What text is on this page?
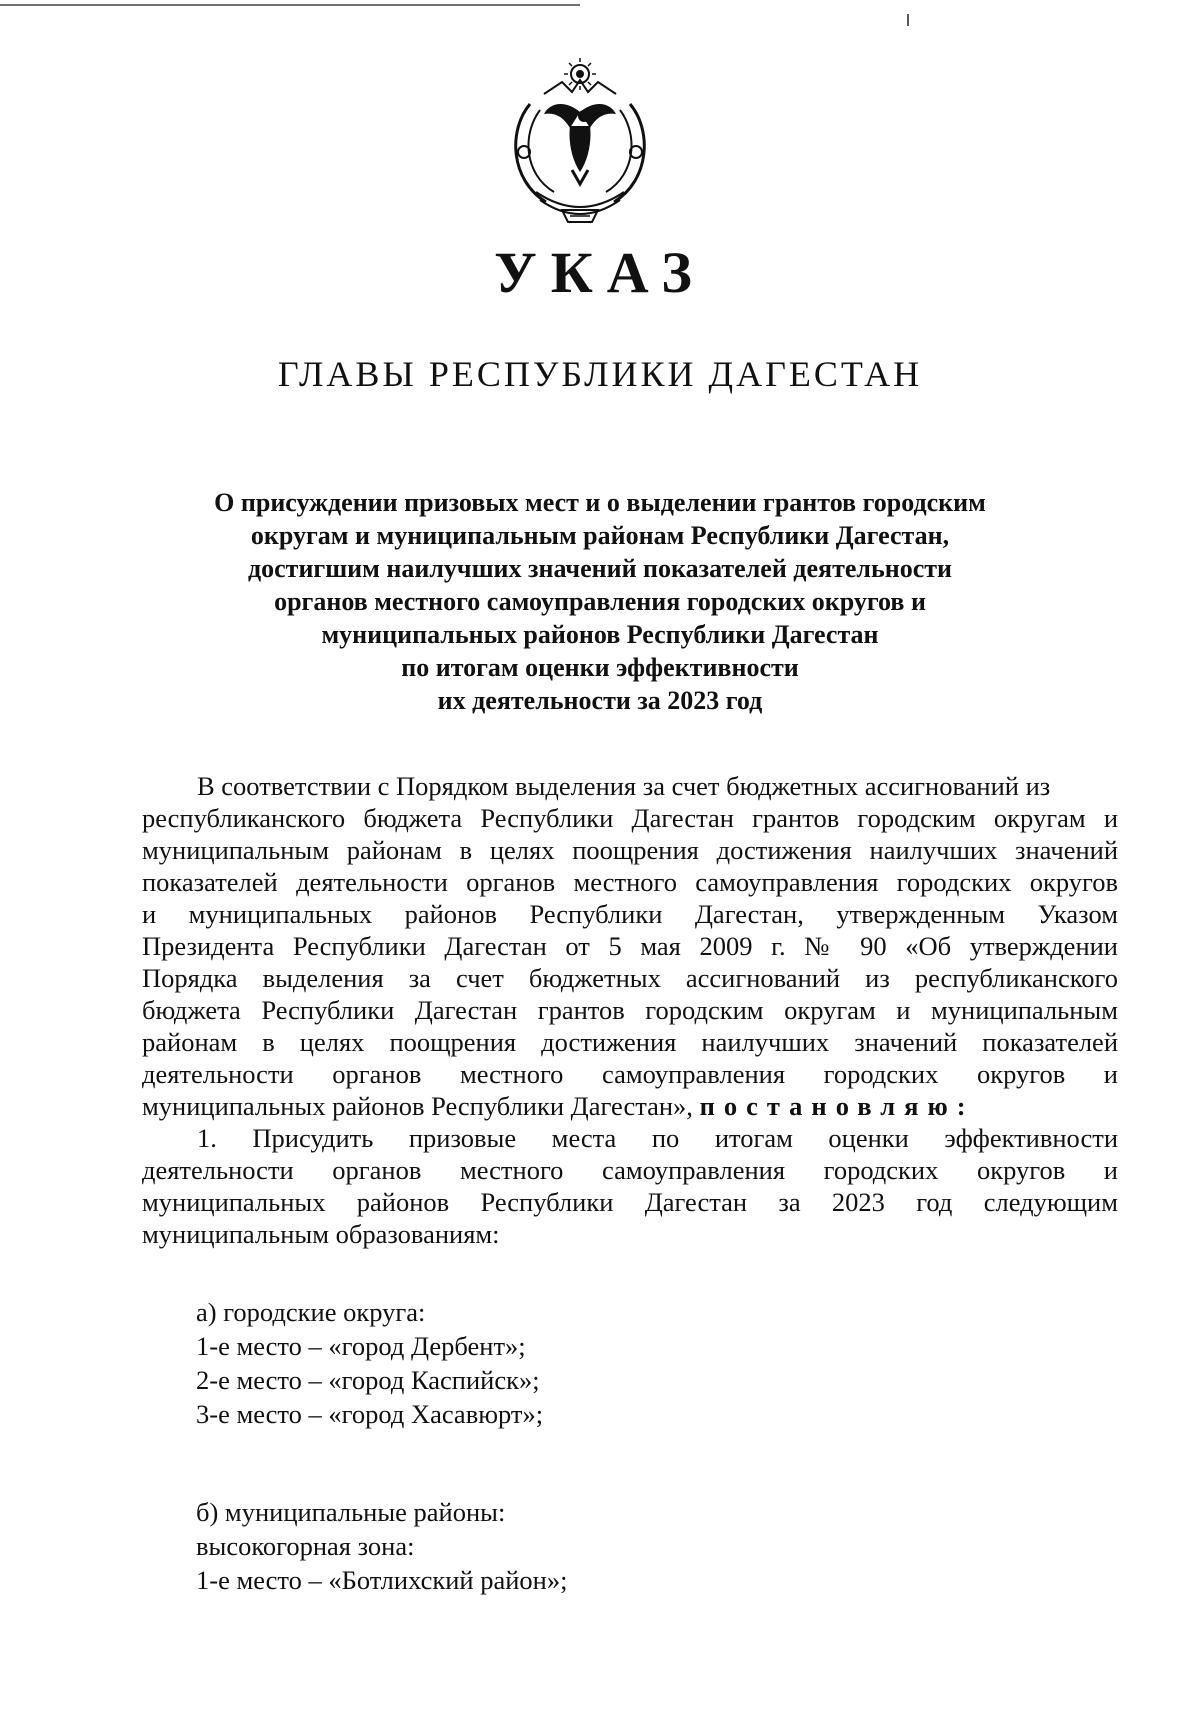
УКАЗ
ГЛАВЫ РЕСПУБЛИКИ ДАГЕСТАН
О присуждении призовых мест и о выделении грантов городским
округам и муниципальным районам Республики Дагестан,
достигшим наилучших значений показателей деятельности
органов местного самоуправления городских округов и
муниципальных районов Республики Дагестан
по итогам оценки эффективности
их деятельности за 2023 год
В соответствии с Порядком выделения за счет бюджетных ассигнований из
республиканского бюджета Республики Дагестан грантов городским округам и
муниципальным районам в целях поощрения достижения наилучших значений
показателей деятельности органов местного самоуправления городских округов
и муниципальных районов Республики Дагестан, утвержденным Указом
Президента Республики Дагестан от 5 мая 2009 г. № 90 «Об утверждении
Порядка выделения за счет бюджетных ассигнований из республиканского
бюджета Республики Дагестан грантов городским округам и муниципальным
районам в целях поощрения достижения наилучших значений показателей
деятельности органов местного самоуправления городских округов и
муниципальных районов Республики Дагестан», постановляю:
1. Присудить призовые места по итогам оценки эффективности
деятельности органов местного самоуправления городских округов и
муниципальных районов Республики Дагестан за 2023 год следующим
муниципальным образованиям:
а) городские округа:
1-е место – «город Дербент»;
2-е место – «город Каспийск»;
3-е место – «город Хасавюрт»;
б) муниципальные районы:
высокогорная зона:
1-е место – «Ботлихский район»;
